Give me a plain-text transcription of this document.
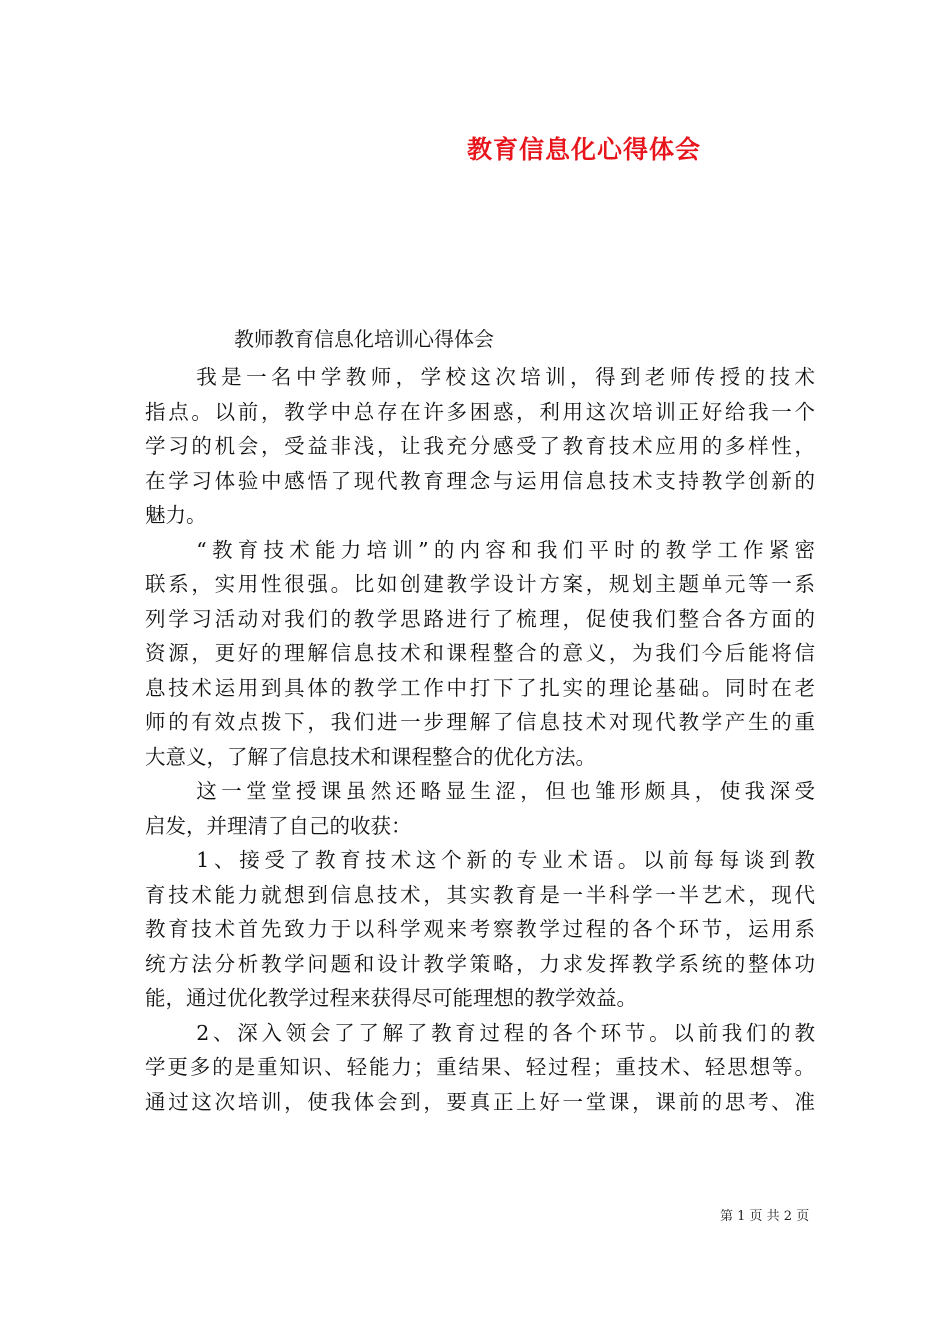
教育信息化心得体会
教师教育信息化培训心得体会
我是一名中学教师，学校这次培训，得到老师传授的技术
指点。以前，教学中总存在许多困惑，利用这次培训正好给我一个
学习的机会，受益非浅，让我充分感受了教育技术应用的多样性，
在学习体验中感悟了现代教育理念与运用信息技术支持教学创新的
魅力。
“教育技术能力培训”的内容和我们平时的教学工作紧密
联系，实用性很强。比如创建教学设计方案，规划主题单元等一系
列学习活动对我们的教学思路进行了梳理，促使我们整合各方面的
资源，更好的理解信息技术和课程整合的意义，为我们今后能将信
息技术运用到具体的教学工作中打下了扎实的理论基础。同时在老
师的有效点拨下，我们进一步理解了信息技术对现代教学产生的重
大意义，了解了信息技术和课程整合的优化方法。
这一堂堂授课虽然还略显生涩，但也雏形颇具，使我深受
启发，并理清了自己的收获：
1、接受了教育技术这个新的专业术语。以前每每谈到教
育技术能力就想到信息技术，其实教育是一半科学一半艺术，现代
教育技术首先致力于以科学观来考察教学过程的各个环节，运用系
统方法分析教学问题和设计教学策略，力求发挥教学系统的整体功
能，通过优化教学过程来获得尽可能理想的教学效益。
2、深入领会了了解了教育过程的各个环节。以前我们的教
学更多的是重知识、轻能力；重结果、轻过程；重技术、轻思想等。
通过这次培训，使我体会到，要真正上好一堂课，课前的思考、准
第 1 页 共 2 页
